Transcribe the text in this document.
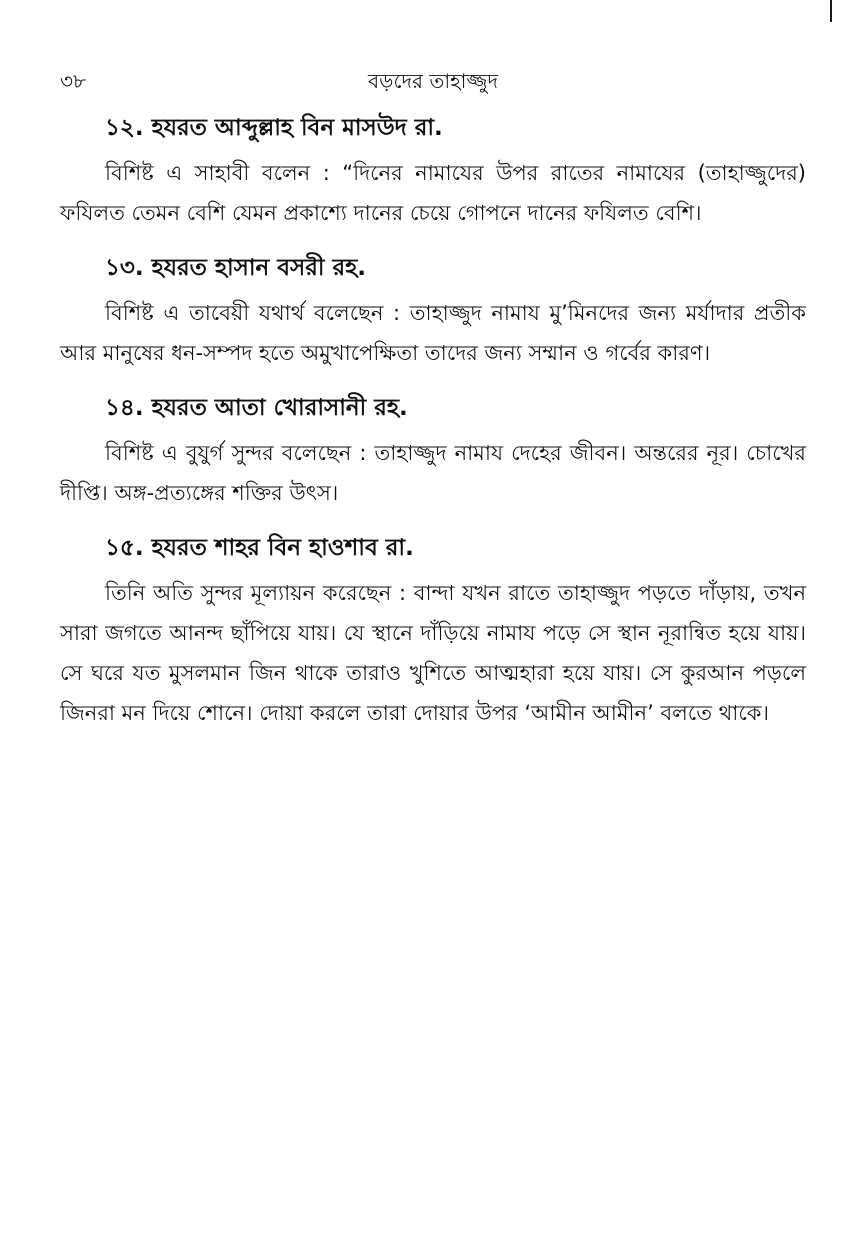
৩৮	বড়দের তাহাজ্জুদ
১২. হযরত আব্দুল্লাহ বিন মাসউদ রা.

বিশিষ্ট এ সাহাবী বলেন : “দিনের নামাযের উপর রাতের নামাযের (তাহাজ্জুদের) ফযিলত তেমন বেশি যেমন প্রকাশ্যে দানের চেয়ে গোপনে দানের ফযিলত বেশি।

১৩. হযরত হাসান বসরী রহ.

বিশিষ্ট এ তাবেয়ী যথার্থ বলেছেন : তাহাজ্জুদ নামায মু’মিনদের জন্য মর্যাদার প্রতীক আর মানুষের ধন-সম্পদ হতে অমুখাপেক্ষিতা তাদের জন্য সম্মান ও গর্বের কারণ।

১৪. হযরত আতা খোরাসানী রহ.

বিশিষ্ট এ বুযুর্গ সুন্দর বলেছেন : তাহাজ্জুদ নামায দেহের জীবন। অন্তরের নূর। চোখের দীপ্তি। অঙ্গ-প্রত্যঙ্গের শক্তির উৎস।

১৫. হযরত শাহর বিন হাওশাব রা.

তিনি অতি সুন্দর মূল্যায়ন করেছেন : বান্দা যখন রাতে তাহাজ্জুদ পড়তে দাঁড়ায়, তখন সারা জগতে আনন্দ ছাঁপিয়ে যায়। যে স্থানে দাঁড়িয়ে নামায পড়ে সে স্থান নূরান্বিত হয়ে যায়। সে ঘরে যত মুসলমান জিন থাকে তারাও খুশিতে আত্মহারা হয়ে যায়। সে কুরআন পড়লে জিনরা মন দিয়ে শোনে। দোয়া করলে তারা দোয়ার উপর ‘আমীন আমীন’ বলতে থাকে।
